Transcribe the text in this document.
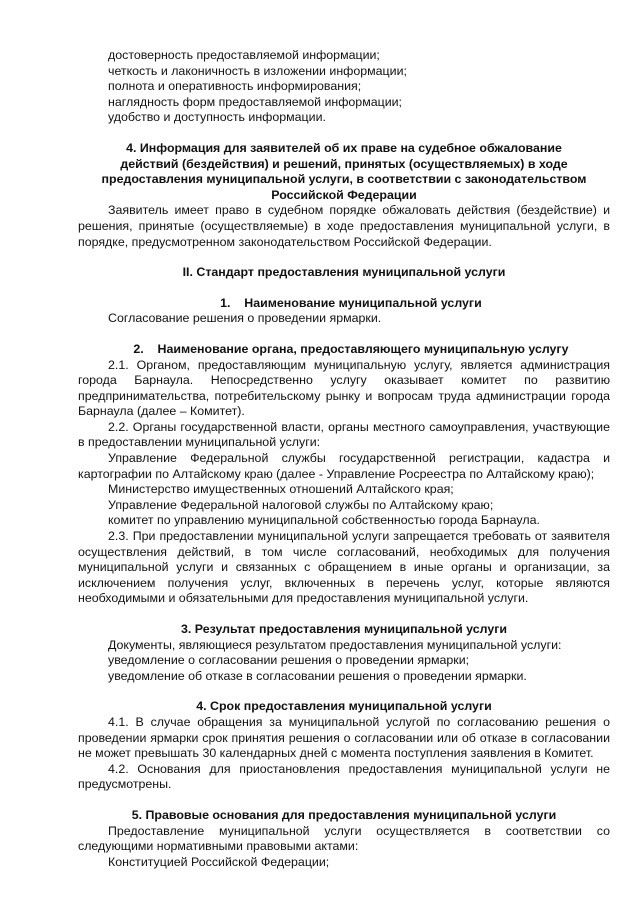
достоверность предоставляемой информации;

четкость и лаконичность в изложении информации;

полнота и оперативность информирования;

наглядность форм предоставляемой информации;

удобство и доступность информации.

4. Информация для заявителей об их праве на судебное обжалование действий (бездействия) и решений, принятых (осуществляемых) в ходе предоставления муниципальной услуги, в соответствии с законодательством Российской Федерации

Заявитель имеет право в судебном порядке обжаловать действия (бездействие) и решения, принятые (осуществляемые) в ходе предоставления муниципальной услуги, в порядке, предусмотренном законодательством Российской Федерации.

II. Стандарт предоставления муниципальной услуги
1. Наименование муниципальной услуги

Согласование решения о проведении ярмарки.

2. Наименование органа, предоставляющего муниципальную услугу

2.1. Органом, предоставляющим муниципальную услугу, является администрация города Барнаула. Непосредственно услугу оказывает комитет по развитию предпринимательства, потребительскому рынку и вопросам труда администрации города Барнаула (далее – Комитет).

2.2. Органы государственной власти, органы местного самоуправления, участвующие в предоставлении муниципальной услуги:

Управление Федеральной службы государственной регистрации, кадастра и картографии по Алтайскому краю (далее - Управление Росреестра по Алтайскому краю);

Министерство имущественных отношений Алтайского края;

Управление Федеральной налоговой службы по Алтайскому краю;

комитет по управлению муниципальной собственностью города Барнаула.

2.3. При предоставлении муниципальной услуги запрещается требовать от заявителя осуществления действий, в том числе согласований, необходимых для получения муниципальной услуги и связанных с обращением в иные органы и организации, за исключением получения услуг, включенных в перечень услуг, которые являются необходимыми и обязательными для предоставления муниципальной услуги.

3. Результат предоставления муниципальной услуги

Документы, являющиеся результатом предоставления муниципальной услуги:

уведомление о согласовании решения о проведении ярмарки;

уведомление об отказе в согласовании решения о проведении ярмарки.

4. Срок предоставления муниципальной услуги

4.1. В случае обращения за муниципальной услугой по согласованию решения о проведении ярмарки срок принятия решения о согласовании или об отказе в согласовании не может превышать 30 календарных дней с момента поступления заявления в Комитет.

4.2. Основания для приостановления предоставления муниципальной услуги не предусмотрены.

5. Правовые основания для предоставления муниципальной услуги

Предоставление муниципальной услуги осуществляется в соответствии со следующими нормативными правовыми актами:

Конституцией Российской Федерации;
